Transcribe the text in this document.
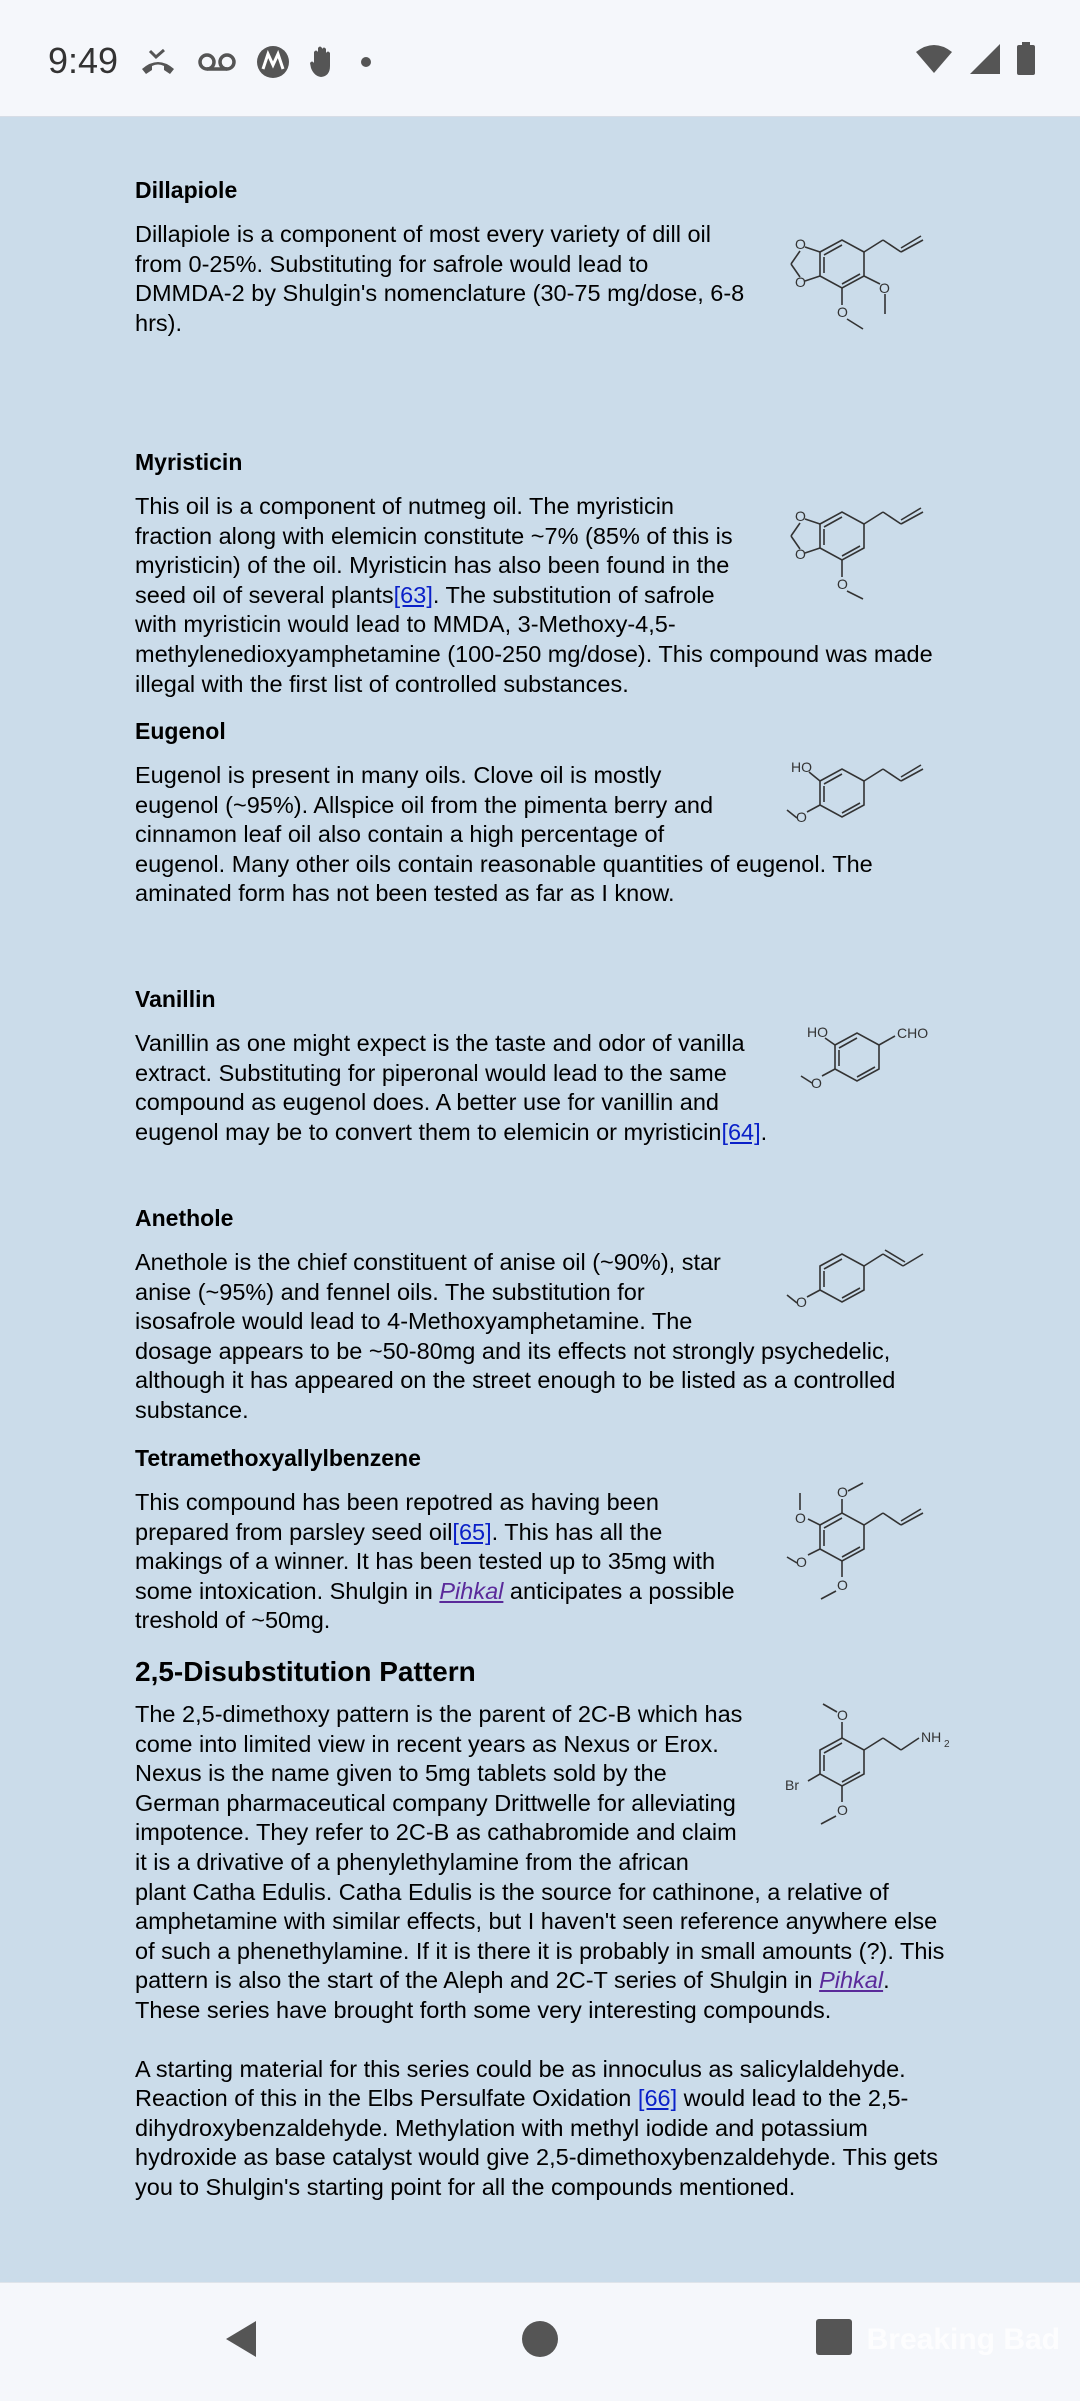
9:49
Dillapiole
O
O	O
O

Dillapiole is a component of most every variety of dill oil from 0-25%. Substituting for safrole would lead to DMMDA-2 by Shulgin's nomenclature (30-75 mg/dose, 6-8 hrs).

Myristicin
O
O
O

This oil is a component of nutmeg oil. The myristicin fraction along with elemicin constitute ~7% (85% of this is myristicin) of the oil. Myristicin has also been found in the seed oil of several plants[63]. The substitution of safrole with myristicin would lead to MMDA, 3-Methoxy-4,5-methylenedioxyamphetamine (100-250 mg/dose). This compound was made illegal with the first list of controlled substances.

Eugenol
HO
O

Eugenol is present in many oils. Clove oil is mostly eugenol (~95%). Allspice oil from the pimenta berry and cinnamon leaf oil also contain a high percentage of eugenol. Many other oils contain reasonable quantities of eugenol. The aminated form has not been tested as far as I know.

Vanillin
HO
O
CHO

Vanillin as one might expect is the taste and odor of vanilla extract. Substituting for piperonal would lead to the same compound as eugenol does. A better use for vanillin and eugenol may be to convert them to elemicin or myristicin[64].

Anethole
O

Anethole is the chief constituent of anise oil (~90%), star anise (~95%) and fennel oils. The substitution for isosafrole would lead to 4-Methoxyamphetamine. The dosage appears to be ~50-80mg and its effects not strongly psychedelic, although it has appeared on the street enough to be listed as a controlled substance.

Tetramethoxyallylbenzene
O
O
O
O

This compound has been repotred as having been prepared from parsley seed oil[65]. This has all the makings of a winner. It has been tested up to 35mg with some intoxication. Shulgin in Pihkal anticipates a possible treshold of ~50mg.

2,5-Disubstitution Pattern
O
Br
O
NH 2

The 2,5-dimethoxy pattern is the parent of 2C-B which has come into limited view in recent years as Nexus or Erox. Nexus is the name given to 5mg tablets sold by the German pharmaceutical company Drittwelle for alleviating impotence. They refer to 2C-B as cathabromide and claim it is a drivative of a phenylethylamine from the african plant Catha Edulis. Catha Edulis is the source for cathinone, a relative of amphetamine with similar effects, but I haven't seen reference anywhere else of such a phenethylamine. If it is there it is probably in small amounts (?). This pattern is also the start of the Aleph and 2C-T series of Shulgin in Pihkal. These series have brought forth some very interesting compounds.

A starting material for this series could be as innoculus as salicylaldehyde. Reaction of this in the Elbs Persulfate Oxidation [66] would lead to the 2,5-dihydroxybenzaldehyde. Methylation with methyl iodide and potassium hydroxide as base catalyst would give 2,5-dimethoxybenzaldehyde. This gets you to Shulgin's starting point for all the compounds mentioned.

Breaking Bad
